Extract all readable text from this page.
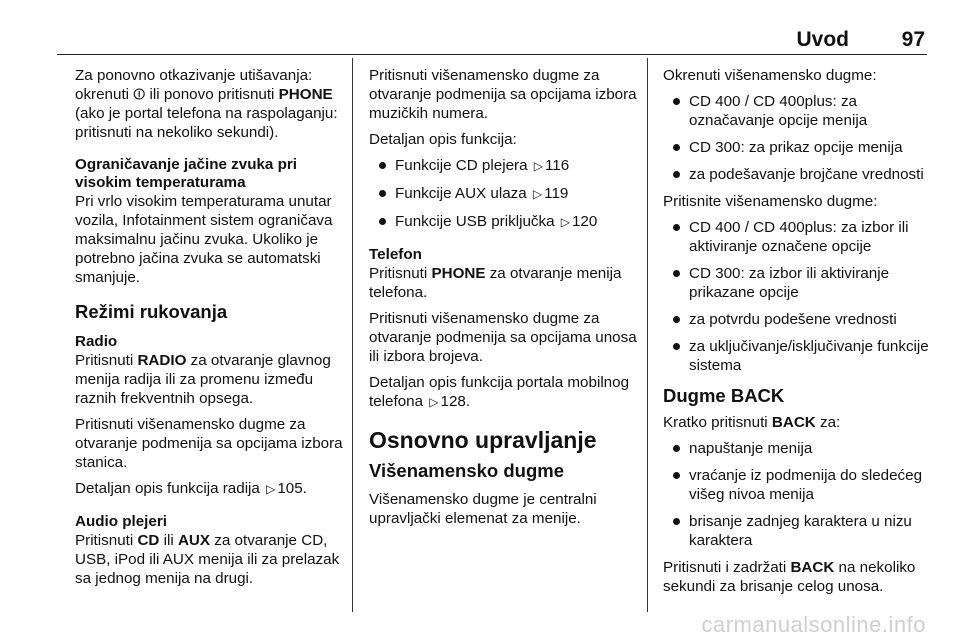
Uvod	97

Za ponovno otkazivanje utišavanja: okrenuti ⏼ ili ponovo pritisnuti PHONE (ako je portal telefona na raspolaganju: pritisnuti na nekoliko sekundi).

Ograničavanje jačine zvuka pri visokim temperaturama

Pri vrlo visokim temperaturama unutar vozila, Infotainment sistem ograničava maksimalnu jačinu zvuka. Ukoliko je potrebno jačina zvuka se automatski smanjuje.

Režimi rukovanja
Radio

Pritisnuti RADIO za otvaranje glavnog menija radija ili za promenu između raznih frekventnih opsega.

Pritisnuti višenamensko dugme za otvaranje podmenija sa opcijama izbora stanica.

Detaljan opis funkcija radija ▷ 105.

Audio plejeri

Pritisnuti CD ili AUX za otvaranje CD, USB, iPod ili AUX menija ili za prelazak sa jednog menija na drugi.

Pritisnuti višenamensko dugme za otvaranje podmenija sa opcijama izbora muzičkih numera.

Detaljan opis funkcija:

Funkcije CD plejera ▷ 116
Funkcije AUX ulaza ▷ 119
Funkcije USB priključka ▷ 120
Telefon

Pritisnuti PHONE za otvaranje menija telefona.

Pritisnuti višenamensko dugme za otvaranje podmenija sa opcijama unosa ili izbora brojeva.

Detaljan opis funkcija portala mobilnog telefona ▷ 128.

Osnovno upravljanje
Višenamensko dugme

Višenamensko dugme je centralni upravljački elemenat za menije.

Okrenuti višenamensko dugme:

CD 400 / CD 400plus: za označavanje opcije menija
CD 300: za prikaz opcije menija
za podešavanje brojčane vrednosti

Pritisnite višenamensko dugme:

CD 400 / CD 400plus: za izbor ili aktiviranje označene opcije
CD 300: za izbor ili aktiviranje prikazane opcije
za potvrdu podešene vrednosti
za uključivanje/isključivanje funkcije sistema
Dugme BACK

Kratko pritisnuti BACK za:

napuštanje menija
vraćanje iz podmenija do sledećeg višeg nivoa menija
brisanje zadnjeg karaktera u nizu karaktera

Pritisnuti i zadržati BACK na nekoliko sekundi za brisanje celog unosa.

carmanualsonline.info
